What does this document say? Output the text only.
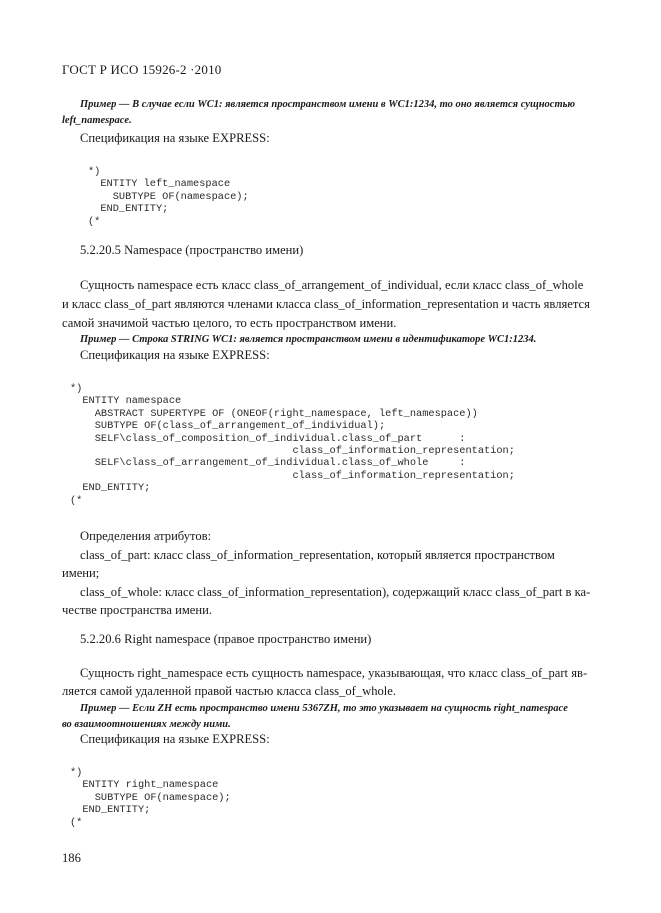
ГОСТ Р ИСО 15926-2 ·2010
Пример — В случае если WC1: является пространством имени в WC1:1234, то оно является сущностью
left_namespace.
Спецификация на языке EXPRESS:
*)
ENTITY left_namespace
SUBTYPE OF(namespace);
END_ENTITY;
(*
5.2.20.5 Namespace (пространство имени)
Сущность namespace есть класс class_of_arrangement_of_individual, если класс class_of_whole
и класс class_of_part являются членами класса class_of_information_representation и часть является
самой значимой частью целого, то есть пространством имени.
Пример — Строка STRING WC1: является пространством имени в идентификаторе WC1:1234.
Спецификация на языке EXPRESS:
*)
ENTITY namespace
ABSTRACT SUPERTYPE OF (ONEOF(right_namespace, left_namespace))
SUBTYPE OF(class_of_arrangement_of_individual);
SELF\class_of_composition_of_individual.class_of_part      :
class_of_information_representation;
SELF\class_of_arrangement_of_individual.class_of_whole     :
class_of_information_representation;
END_ENTITY;
(*
Определения атрибутов:
class_of_part: класс class_of_information_representation, который является пространством
имени;
class_of_whole: класс class_of_information_representation), содержащий класс class_of_part в ка-
честве пространства имени.
5.2.20.6 Right namespace (правое пространство имени)
Сущность right_namespace есть сущность namespace, указывающая, что класс class_of_part яв-
ляется самой удаленной правой частью класса class_of_whole.
Пример — Если ZH есть пространство имени 5367ZH, то это указывает на сущность right_namespace
во взаимоотношениях между ними.
Спецификация на языке EXPRESS:
*)
ENTITY right_namespace
SUBTYPE OF(namespace);
END_ENTITY;
(*
186
